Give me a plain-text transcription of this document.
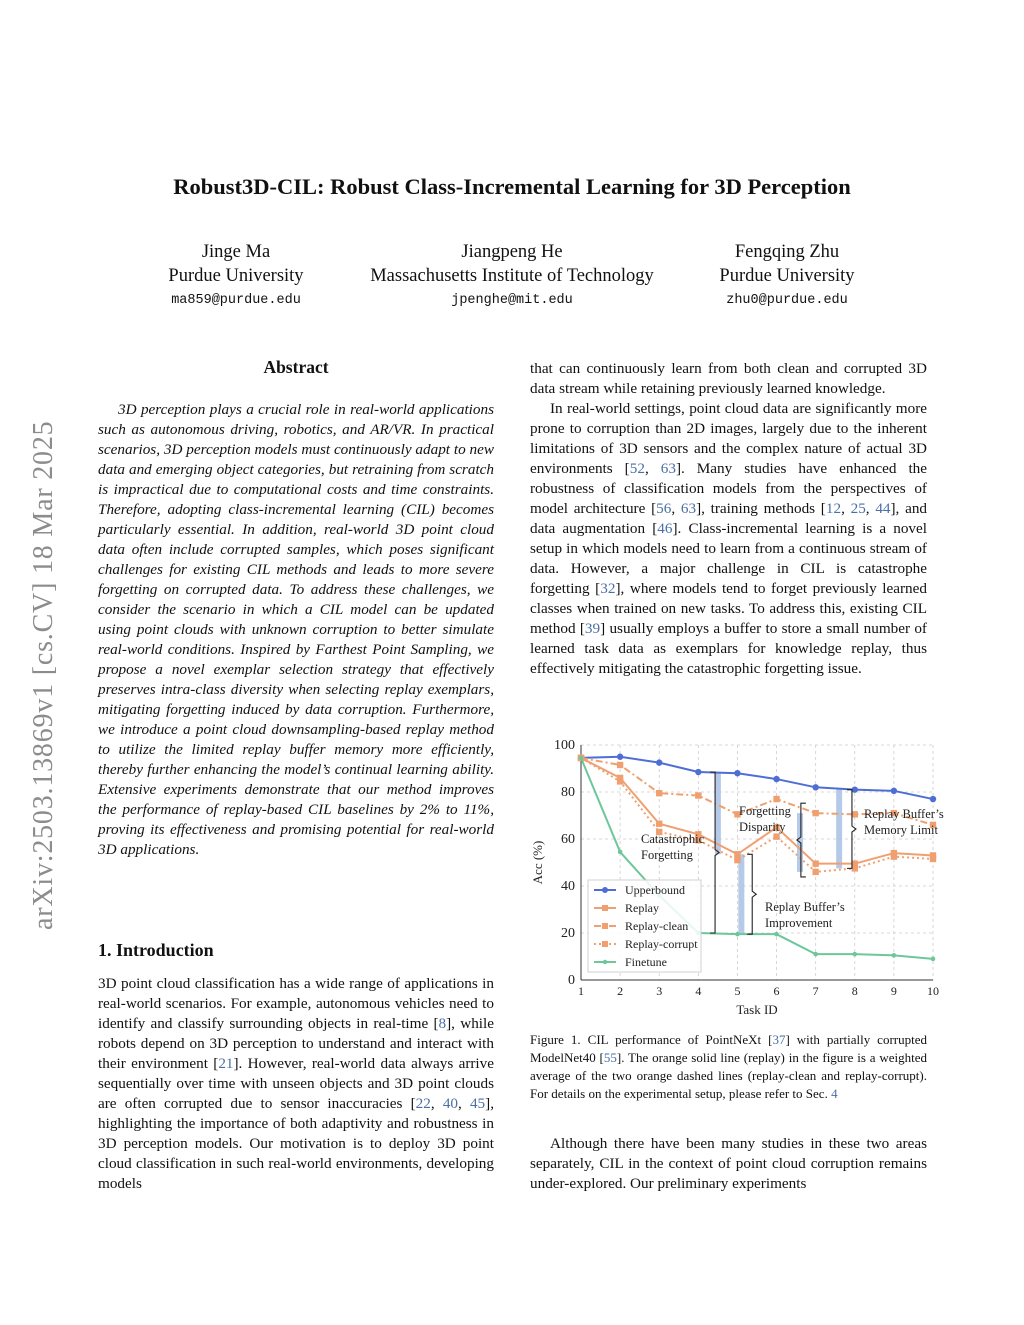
arXiv:2503.13869v1 [cs.CV] 18 Mar 2025
Robust3D-CIL: Robust Class-Incremental Learning for 3D Perception
Jinge Ma
Purdue University
ma859@purdue.edu
Jiangpeng He
Massachusetts Institute of Technology
jpenghe@mit.edu
Fengqing Zhu
Purdue University
zhu0@purdue.edu
Abstract

3D perception plays a crucial role in real-world applications such as autonomous driving, robotics, and AR/VR. In practical scenarios, 3D perception models must continuously adapt to new data and emerging object categories, but retraining from scratch is impractical due to computational costs and time constraints. Therefore, adopting class-incremental learning (CIL) becomes particularly essential. In addition, real-world 3D point cloud data often include corrupted samples, which poses significant challenges for existing CIL methods and leads to more severe forgetting on corrupted data. To address these challenges, we consider the scenario in which a CIL model can be updated using point clouds with unknown corruption to better simulate real-world conditions. Inspired by Farthest Point Sampling, we propose a novel exemplar selection strategy that effectively preserves intra-class diversity when selecting replay exemplars, mitigating forgetting induced by data corruption. Furthermore, we introduce a point cloud downsampling-based replay method to utilize the limited replay buffer memory more efficiently, thereby further enhancing the model’s continual learning ability. Extensive experiments demonstrate that our method improves the performance of replay-based CIL baselines by 2% to 11%, proving its effectiveness and promising potential for real-world 3D applications.

1. Introduction

3D point cloud classification has a wide range of applications in real-world scenarios. For example, autonomous vehicles need to identify and classify surrounding objects in real-time [8], while robots depend on 3D perception to understand and interact with their environment [21]. However, real-world data always arrive sequentially over time with unseen objects and 3D point clouds are often corrupted due to sensor inaccuracies [22, 40, 45], highlighting the importance of both adaptivity and robustness in 3D perception models. Our motivation is to deploy 3D point cloud classification in such real-world environments, developing models

that can continuously learn from both clean and corrupted 3D data stream while retaining previously learned knowledge.

In real-world settings, point cloud data are significantly more prone to corruption than 2D images, largely due to the inherent limitations of 3D sensors and the complex nature of actual 3D environments [52, 63]. Many studies have enhanced the robustness of classification models from the perspectives of model architecture [56, 63], training methods [12, 25, 44], and data augmentation [46]. Class-incremental learning is a novel setup in which models need to learn from a continuous stream of data. However, a major challenge in CIL is catastrophe forgetting [32], where models tend to forget previously learned classes when trained on new tasks. To address this, existing CIL method [39] usually employs a buffer to store a small number of learned task data as exemplars for knowledge replay, thus effectively mitigating the catastrophic forgetting issue.

0
20
40
60
80
100
1	2	3	4	5	6	7	8	9	10
Task ID
Acc (%)
Catastrophic
Forgetting
Forgetting
Disparity
Replay Buffer’s
Memory Limit
Replay Buffer’s
Improvement
Upperbound
Replay
Replay-clean
Replay-corrupt
Finetune
Figure 1. CIL performance of PointNeXt [37] with partially corrupted ModelNet40 [55]. The orange solid line (replay) in the figure is a weighted average of the two orange dashed lines (replay-clean and replay-corrupt). For details on the experimental setup, please refer to Sec. 4

Although there have been many studies in these two areas separately, CIL in the context of point cloud corruption remains under-explored. Our preliminary experiments
